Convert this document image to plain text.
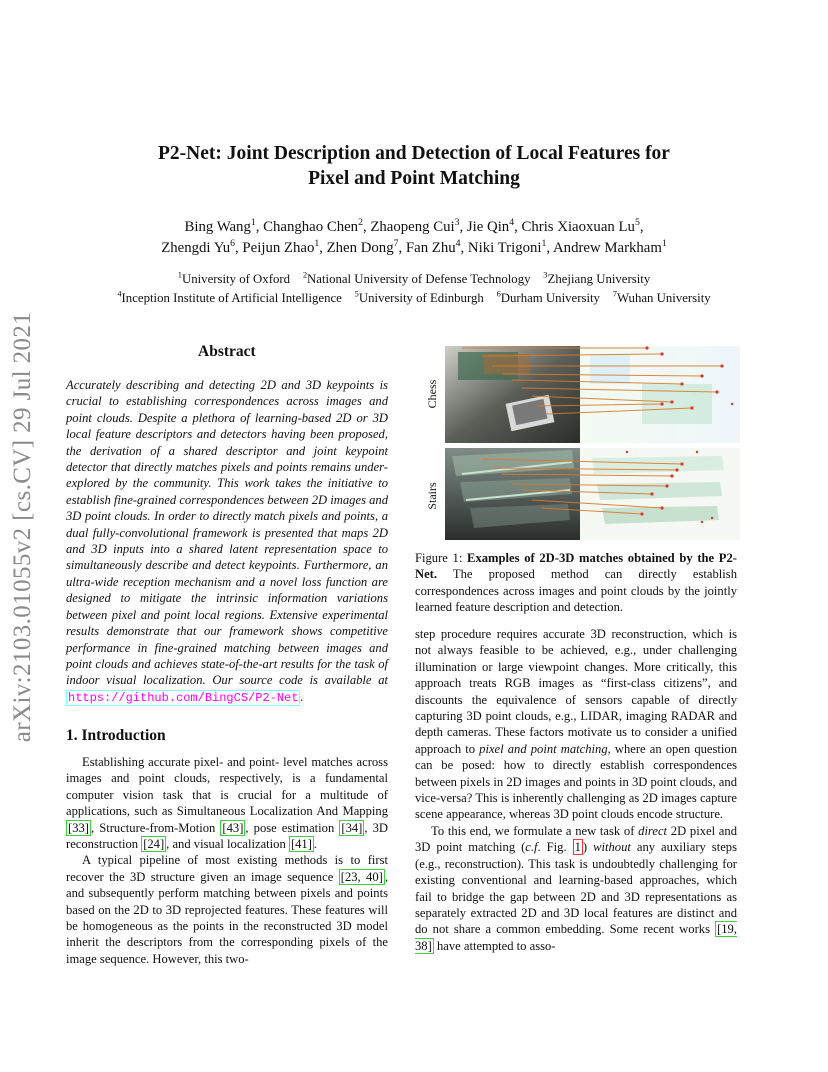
arXiv:2103.01055v2 [cs.CV] 29 Jul 2021
P2-Net: Joint Description and Detection of Local Features for
Pixel and Point Matching
Bing Wang$^1$, Changhao Chen$^2$, Zhaopeng Cui$^3$, Jie Qin$^4$, Chris Xiaoxuan Lu$^5$,
Zhengdi Yu$^6$, Peijun Zhao$^1$, Zhen Dong$^7$, Fan Zhu$^4$, Niki Trigoni$^1$, Andrew Markham$^1$
$^1$University of Oxford $^2$National University of Defense Technology $^3$Zhejiang University
$^4$Inception Institute of Artificial Intelligence $^5$University of Edinburgh $^6$Durham University $^7$Wuhan University
Abstract
Accurately describing and detecting 2D and 3D keypoints is crucial to establishing correspondences across images and point clouds. Despite a plethora of learning-based 2D or 3D local feature descriptors and detectors having been proposed, the derivation of a shared descriptor and joint keypoint detector that directly matches pixels and points remains under-explored by the community. This work takes the initiative to establish fine-grained correspondences between 2D images and 3D point clouds. In order to directly match pixels and points, a dual fully-convolutional framework is presented that maps 2D and 3D inputs into a shared latent representation space to simultaneously describe and detect keypoints. Furthermore, an ultra-wide reception mechanism and a novel loss function are designed to mitigate the intrinsic information variations between pixel and point local regions. Extensive experimental results demonstrate that our framework shows competitive performance in fine-grained matching between images and point clouds and achieves state-of-the-art results for the task of indoor visual localization. Our source code is available at https://github.com/BingCS/P2-Net .
1. Introduction

Establishing accurate pixel- and point- level matches across images and point clouds, respectively, is a fundamental computer vision task that is crucial for a multitude of applications, such as Simultaneous Localization And Mapping [33] , Structure-from-Motion [43] , pose estimation [34] , 3D reconstruction [24] , and visual localization [41] .

A typical pipeline of most existing methods is to first recover the 3D structure given an image sequence [23, 40] , and subsequently perform matching between pixels and points based on the 2D to 3D reprojected features. These features will be homogeneous as the points in the reconstructed 3D model inherit the descriptors from the corresponding pixels of the image sequence. However, this two-

Chess
Stairs
Figure 1: Examples of 2D-3D matches obtained by the P2-Net. The proposed method can directly establish correspondences across images and point clouds by the jointly learned feature description and detection.

step procedure requires accurate 3D reconstruction, which is not always feasible to be achieved, e.g., under challenging illumination or large viewpoint changes. More critically, this approach treats RGB images as “first-class citizens”, and discounts the equivalence of sensors capable of directly capturing 3D point clouds, e.g., LIDAR, imaging RADAR and depth cameras. These factors motivate us to consider a unified approach to pixel and point matching, where an open question can be posed: how to directly establish correspondences between pixels in 2D images and points in 3D point clouds, and vice-versa? This is inherently challenging as 2D images capture scene appearance, whereas 3D point clouds encode structure.

To this end, we formulate a new task of direct 2D pixel and 3D point matching (c.f. Fig. 1 ) without any auxiliary steps (e.g., reconstruction). This task is undoubtedly challenging for existing conventional and learning-based approaches, which fail to bridge the gap between 2D and 3D representations as separately extracted 2D and 3D local features are distinct and do not share a common embedding. Some recent works [19, 38] have attempted to asso-
